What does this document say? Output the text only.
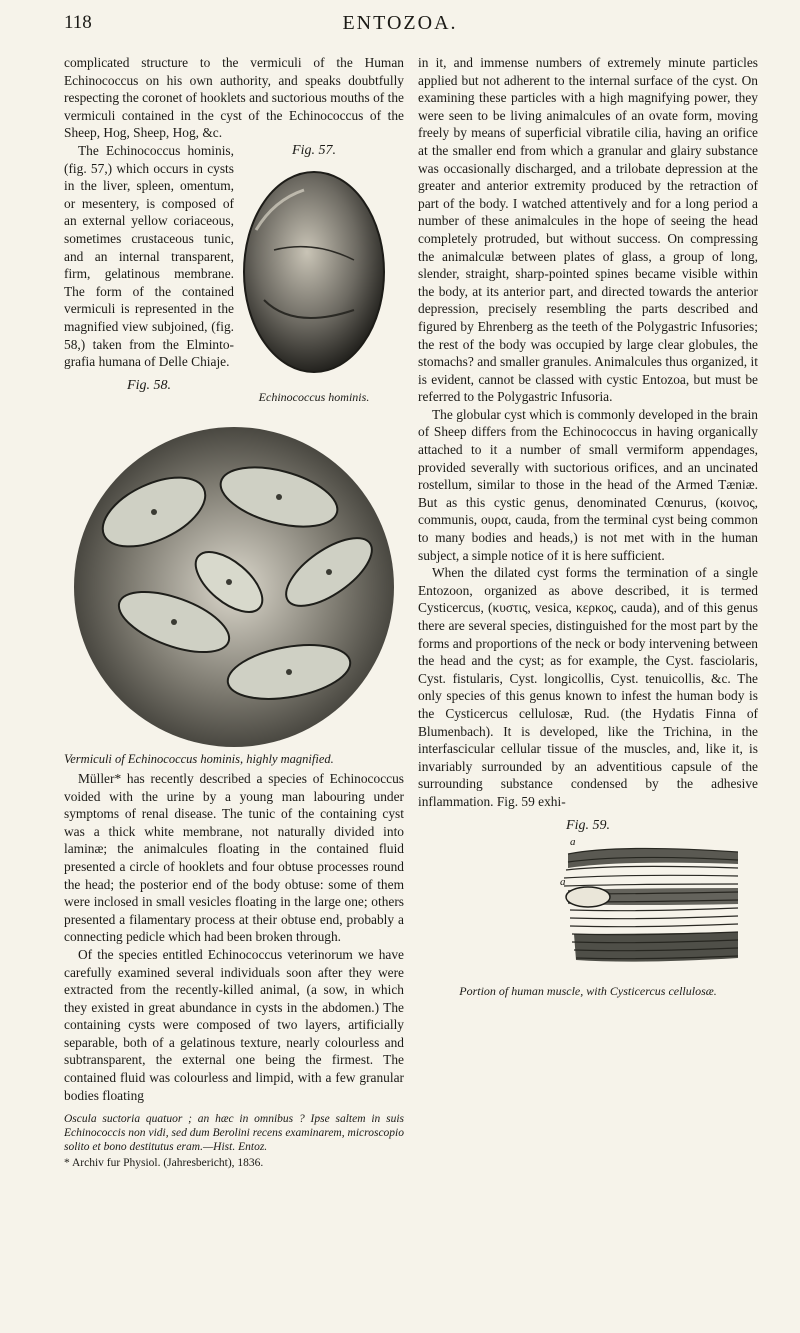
118	ENTOZOA.

complicated structure to the vermiculi of the Human Echinococcus on his own authority, and speaks doubtfully respecting the coronet of hooklets and suctorious mouths of the vermiculi contained in the cyst of the Echinococcus of the Sheep, Hog, Sheep, Hog, &c.

Fig. 57.
Echinococcus hominis.

The Echinococcus hominis, (fig. 57,) which occurs in cysts in the liver, spleen, omentum, or mesentery, is composed of an external yellow coriaceous, sometimes crustaceous tunic, and an internal transparent, firm, gelatinous membrane. The form of the contained vermiculi is represented in the magnified view subjoined, (fig. 58,) taken from the Elminto-grafia humana of Delle Chiaje.

Fig. 58.
Vermiculi of Echinococcus hominis, highly magnified.

Müller* has recently described a species of Echinococcus voided with the urine by a young man labouring under symptoms of renal disease. The tunic of the containing cyst was a thick white membrane, not naturally divided into laminæ; the animalcules floating in the contained fluid presented a circle of hooklets and four obtuse processes round the head; the posterior end of the body obtuse: some of them were inclosed in small vesicles floating in the large one; others presented a filamentary process at their obtuse end, probably a connecting pedicle which had been broken through.

Of the species entitled Echinococcus veterinorum we have carefully examined several individuals soon after they were extracted from the recently-killed animal, (a sow, in which they existed in great abundance in cysts in the abdomen.) The containing cysts were composed of two layers, artificially separable, both of a gelatinous texture, nearly colourless and subtransparent, the external one being the firmest. The contained fluid was colourless and limpid, with a few granular bodies floating

Oscula suctoria quatuor ; an hæc in omnibus ? Ipse saltem in suis Echinococcis non vidi, sed dum Berolini recens examinarem, microscopio solito et bono destitutus eram.—Hist. Entoz.

* Archiv fur Physiol. (Jahresbericht), 1836.

in it, and immense numbers of extremely minute particles applied but not adherent to the internal surface of the cyst. On examining these particles with a high magnifying power, they were seen to be living animalcules of an ovate form, moving freely by means of superficial vibratile cilia, having an orifice at the smaller end from which a granular and glairy substance was occasionally discharged, and a trilobate depression at the greater and anterior extremity produced by the retraction of part of the body. I watched attentively and for a long period a number of these animalcules in the hope of seeing the head completely protruded, but without success. On compressing the animalculæ between plates of glass, a group of long, slender, straight, sharp-pointed spines became visible within the body, at its anterior part, and directed towards the anterior depression, precisely resembling the parts described and figured by Ehrenberg as the teeth of the Polygastric Infusories; the rest of the body was occupied by large clear globules, the stomachs? and smaller granules. Animalcules thus organized, it is evident, cannot be classed with cystic Entozoa, but must be referred to the Polygastric Infusoria.

The globular cyst which is commonly developed in the brain of Sheep differs from the Echinococcus in having organically attached to it a number of small vermiform appendages, provided severally with suctorious orifices, and an uncinated rostellum, similar to those in the head of the Armed Tæniæ. But as this cystic genus, denominated Cœnurus, (κοινος, communis, ουρα, cauda, from the terminal cyst being common to many bodies and heads,) is not met with in the human subject, a simple notice of it is here sufficient.

When the dilated cyst forms the termination of a single Entozoon, organized as above described, it is termed Cysticercus, (κυστις, vesica, κερκος, cauda), and of this genus there are several species, distinguished for the most part by the forms and proportions of the neck or body intervening between the head and the cyst; as for example, the Cyst. fasciolaris, Cyst. fistularis, Cyst. longicollis, Cyst. tenuicollis, &c. The only species of this genus known to infest the human body is the Cysticercus cellulosæ, Rud. (the Hydatis Finna of Blumenbach). It is developed, like the Trichina, in the interfascicular cellular tissue of the muscles, and, like it, is invariably surrounded by an adventitious capsule of the surrounding substance condensed by the adhesive inflammation. Fig. 59 exhi-

Fig. 59.
a
a
Portion of human muscle, with Cysticercus cellulosæ.
